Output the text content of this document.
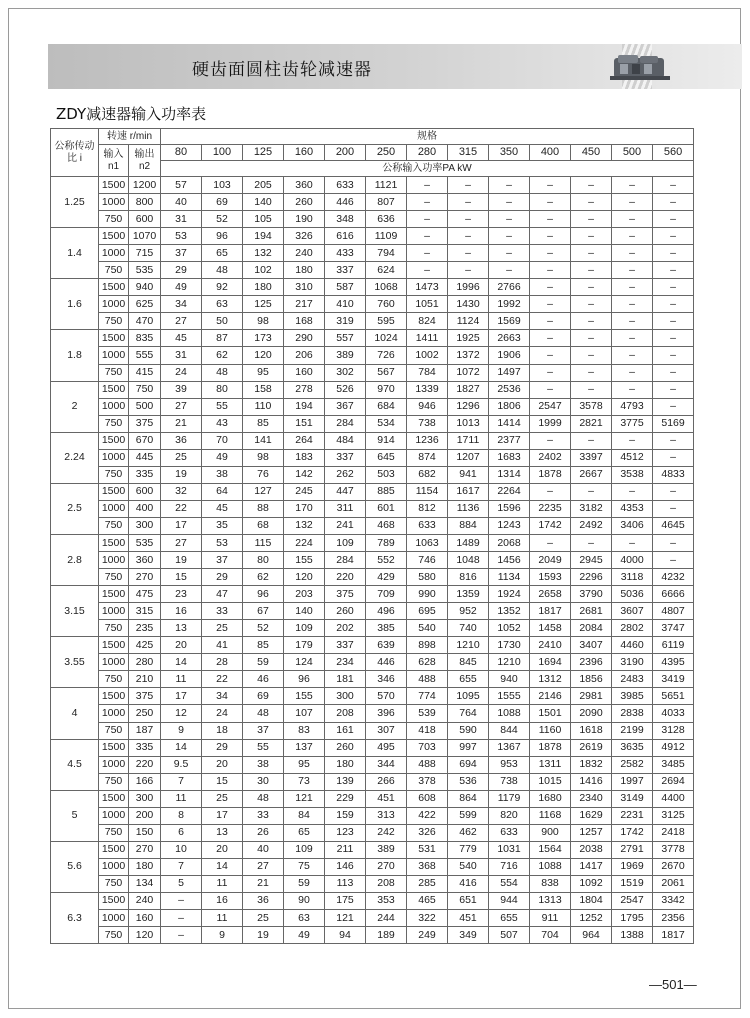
硬齿面圆柱齿轮减速器
ZDY减速器输入功率表
公称传动比 i	转速 r/min		规格												
			80	100	125	160	200	250	280	315	350	400	450	500	560
	输入 n1	输出 n2													
			公称输入功率PA kW												
	1500	1200	57	103	205	360	633	1121	–	–	–	–	–	–	–
1.25	1000	800	40	69	140	260	446	807	–	–	–	–	–	–	–
	750	600	31	52	105	190	348	636	–	–	–	–	–	–	–
	1500	1070	53	96	194	326	616	1109	–	–	–	–	–	–	–
1.4	1000	715	37	65	132	240	433	794	–	–	–	–	–	–	–
	750	535	29	48	102	180	337	624	–	–	–	–	–	–	–
	1500	940	49	92	180	310	587	1068	1473	1996	2766	–	–	–	–
1.6	1000	625	34	63	125	217	410	760	1051	1430	1992	–	–	–	–
	750	470	27	50	98	168	319	595	824	1124	1569	–	–	–	–
	1500	835	45	87	173	290	557	1024	1411	1925	2663	–	–	–	–
1.8	1000	555	31	62	120	206	389	726	1002	1372	1906	–	–	–	–
	750	415	24	48	95	160	302	567	784	1072	1497	–	–	–	–
	1500	750	39	80	158	278	526	970	1339	1827	2536	–	–	–	–
2	1000	500	27	55	110	194	367	684	946	1296	1806	2547	3578	4793	–
	750	375	21	43	85	151	284	534	738	1013	1414	1999	2821	3775	5169
	1500	670	36	70	141	264	484	914	1236	1711	2377	–	–	–	–
2.24	1000	445	25	49	98	183	337	645	874	1207	1683	2402	3397	4512	–
	750	335	19	38	76	142	262	503	682	941	1314	1878	2667	3538	4833
	1500	600	32	64	127	245	447	885	1154	1617	2264	–	–	–	–
2.5	1000	400	22	45	88	170	311	601	812	1136	1596	2235	3182	4353	–
	750	300	17	35	68	132	241	468	633	884	1243	1742	2492	3406	4645
	1500	535	27	53	115	224	109	789	1063	1489	2068	–	–	–	–
2.8	1000	360	19	37	80	155	284	552	746	1048	1456	2049	2945	4000	–
	750	270	15	29	62	120	220	429	580	816	1134	1593	2296	3118	4232
	1500	475	23	47	96	203	375	709	990	1359	1924	2658	3790	5036	6666
3.15	1000	315	16	33	67	140	260	496	695	952	1352	1817	2681	3607	4807
	750	235	13	25	52	109	202	385	540	740	1052	1458	2084	2802	3747
	1500	425	20	41	85	179	337	639	898	1210	1730	2410	3407	4460	6119
3.55	1000	280	14	28	59	124	234	446	628	845	1210	1694	2396	3190	4395
	750	210	11	22	46	96	181	346	488	655	940	1312	1856	2483	3419
	1500	375	17	34	69	155	300	570	774	1095	1555	2146	2981	3985	5651
4	1000	250	12	24	48	107	208	396	539	764	1088	1501	2090	2838	4033
	750	187	9	18	37	83	161	307	418	590	844	1160	1618	2199	3128
	1500	335	14	29	55	137	260	495	703	997	1367	1878	2619	3635	4912
4.5	1000	220	9.5	20	38	95	180	344	488	694	953	1311	1832	2582	3485
	750	166	7	15	30	73	139	266	378	536	738	1015	1416	1997	2694
	1500	300	11	25	48	121	229	451	608	864	1179	1680	2340	3149	4400
5	1000	200	8	17	33	84	159	313	422	599	820	1168	1629	2231	3125
	750	150	6	13	26	65	123	242	326	462	633	900	1257	1742	2418
	1500	270	10	20	40	109	211	389	531	779	1031	1564	2038	2791	3778
5.6	1000	180	7	14	27	75	146	270	368	540	716	1088	1417	1969	2670
	750	134	5	11	21	59	113	208	285	416	554	838	1092	1519	2061
	1500	240	–	16	36	90	175	353	465	651	944	1313	1804	2547	3342
6.3	1000	160	–	11	25	63	121	244	322	451	655	911	1252	1795	2356
	750	120	–	9	19	49	94	189	249	349	507	704	964	1388	1817
—501—
